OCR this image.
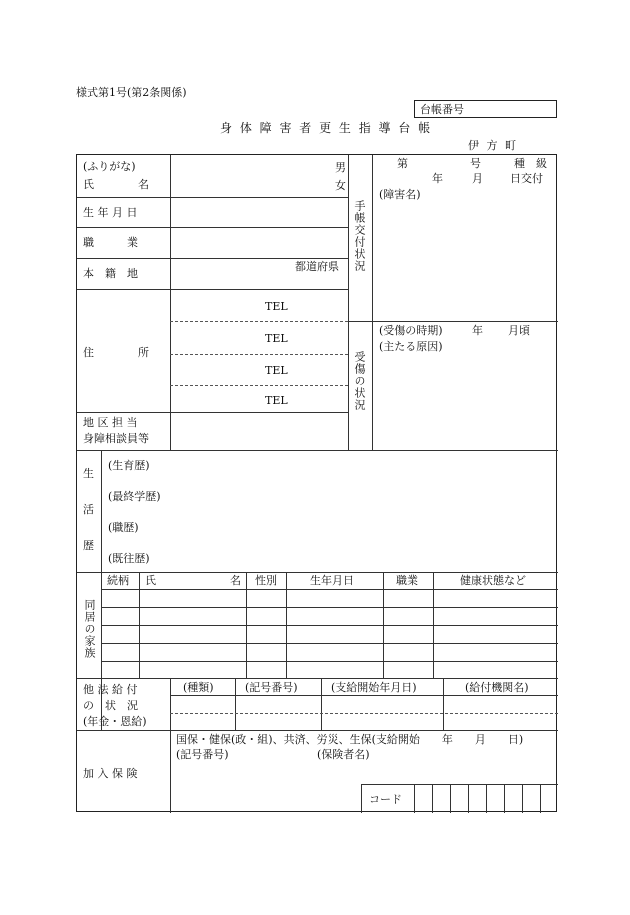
様式第1号(第2条関係)
台帳番号
身 体 障 害 者 更 生 指 導 台 帳
伊 方 町
(ふりがな)
氏　　　　名
男
女
生 年 月 日
職　　　業
本　籍　地
都道府県
住　　　　所
TEL
TEL
TEL
TEL
地 区 担 当
身障相談員等
手帳交付状況
第	号	種　級
年	月 日交付
(障害名)
受傷の状況
(受傷の時期)	年 月頃
(主たる原因)
生
活
歴
(生育歴)
(最終学歴)
(職歴)
(既往歴)
同居の家族
続柄 氏	名 性別	生年月日	職業	健康状態など
他 法 給 付
の　状　況
(年金・恩給)
(種類)	(記号番号)	(支給開始年月日)	(給付機関名)
加 入 保 険
国保・健保(政・組)、共済、労災、生保(支給開始　　年　　月　　日)
(記号番号)	(保険者名)
コード
